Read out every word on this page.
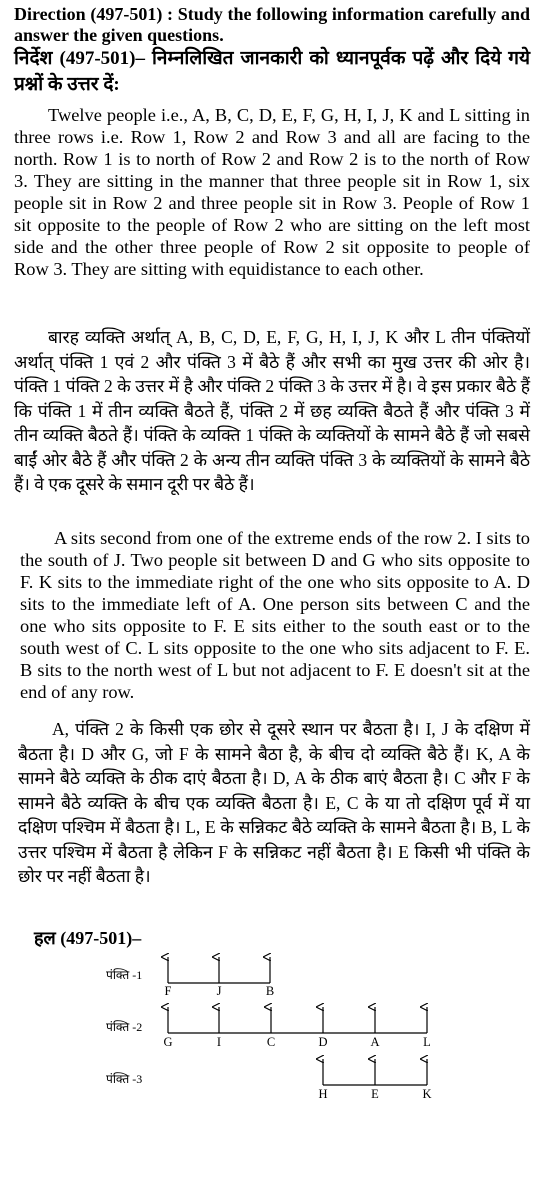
Direction (497-501) : Study the following information carefully and answer the given questions.
निर्देश (497-501)– निम्नलिखित जानकारी को ध्यानपूर्वक पढ़ें और दिये गये प्रश्नों के उत्तर दें:
Twelve people i.e., A, B, C, D, E, F, G, H, I, J, K and L sitting in three rows i.e. Row 1, Row 2 and Row 3 and all are facing to the north. Row 1 is to north of Row 2 and Row 2 is to the north of Row 3. They are sitting in the manner that three people sit in Row 1, six people sit in Row 2 and three people sit in Row 3. People of Row 1 sit opposite to the people of Row 2 who are sitting on the left most side and the other three people of Row 2 sit opposite to people of Row 3. They are sitting with equidistance to each other.
बारह व्यक्ति अर्थात् A, B, C, D, E, F, G, H, I, J, K और L तीन पंक्तियों अर्थात् पंक्ति 1 एवं 2 और पंक्ति 3 में बैठे हैं और सभी का मुख उत्तर की ओर है। पंक्ति 1 पंक्ति 2 के उत्तर में है और पंक्ति 2 पंक्ति 3 के उत्तर में है। वे इस प्रकार बैठे हैं कि पंक्ति 1 में तीन व्यक्ति बैठते हैं, पंक्ति 2 में छह व्यक्ति बैठते हैं और पंक्ति 3 में तीन व्यक्ति बैठते हैं। पंक्ति के व्यक्ति 1 पंक्ति के व्यक्तियों के सामने बैठे हैं जो सबसे बाईं ओर बैठे हैं और पंक्ति 2 के अन्य तीन व्यक्ति पंक्ति 3 के व्यक्तियों के सामने बैठे हैं। वे एक दूसरे के समान दूरी पर बैठे हैं।
A sits second from one of the extreme ends of the row 2. I sits to the south of J. Two people sit between D and G who sits opposite to F. K sits to the immediate right of the one who sits opposite to A. D sits to the immediate left of A. One person sits between C and the one who sits opposite to F. E sits either to the south east or to the south west of C. L sits opposite to the one who sits adjacent to F. E. B sits to the north west of L but not adjacent to F. E doesn't sit at the end of any row.
A, पंक्ति 2 के किसी एक छोर से दूसरे स्थान पर बैठता है। I, J के दक्षिण में बैठता है। D और G, जो F के सामने बैठा है, के बीच दो व्यक्ति बैठे हैं। K, A के सामने बैठे व्यक्ति के ठीक दाएं बैठता है। D, A के ठीक बाएं बैठता है। C और F के सामने बैठे व्यक्ति के बीच एक व्यक्ति बैठता है। E, C के या तो दक्षिण पूर्व में या दक्षिण पश्चिम में बैठता है। L, E के सन्निकट बैठे व्यक्ति के सामने बैठता है। B, L के उत्तर पश्चिम में बैठता है लेकिन F के सन्निकट नहीं बैठता है। E किसी भी पंक्ति के छोर पर नहीं बैठता है।
हल (497-501)–
पंक्ति -1
F	J	B
पंक्ति -2
G	I	C	D	A	L
पंक्ति -3
H	E	K
